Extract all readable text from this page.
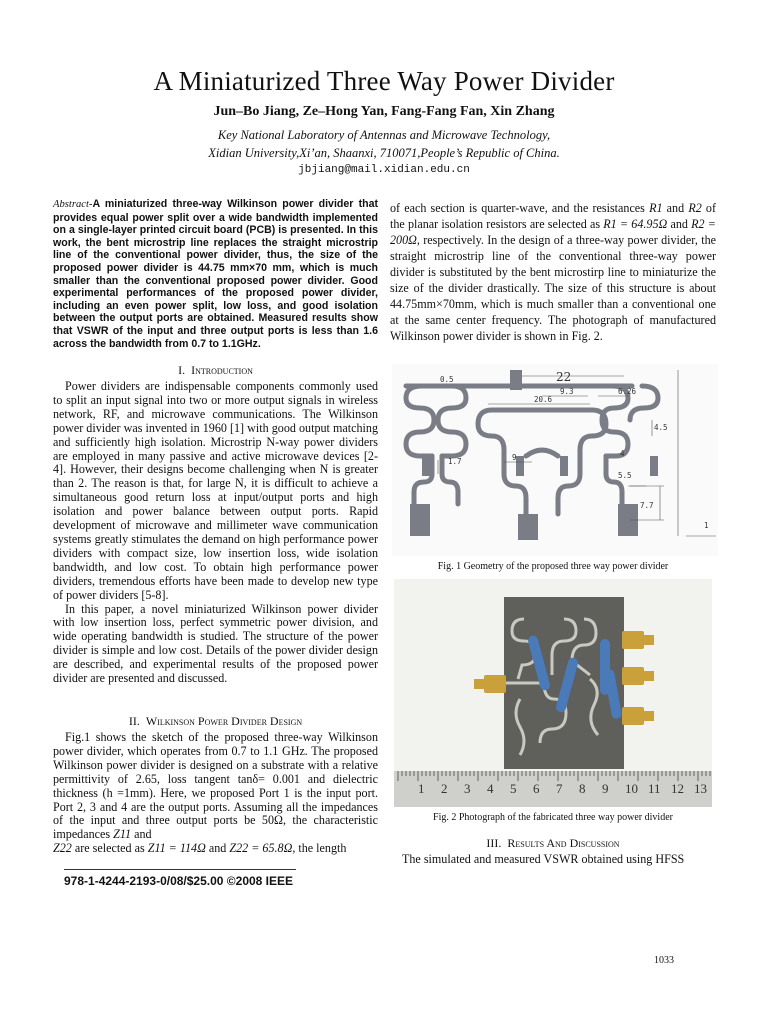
A Miniaturized Three Way Power Divider
Jun–Bo Jiang, Ze–Hong Yan, Fang-Fang Fan, Xin Zhang
Key National Laboratory of Antennas and Microwave Technology,
Xidian University,Xi’an, Shaanxi, 710071,People’s Republic of China.
jbjiang@mail.xidian.edu.cn
Abstract-A miniaturized three-way Wilkinson power divider that provides equal power split over a wide bandwidth implemented on a single-layer printed circuit board (PCB) is presented. In this work, the bent microstrip line replaces the straight microstrip line of the conventional power divider, thus, the size of the proposed power divider is 44.75 mm×70 mm, which is much smaller than the conventional proposed power divider. Good experimental performances of the proposed power divider, including an even power split, low loss, and good isolation between the output ports are obtained. Measured results show that VSWR of the input and three output ports is less than 1.6 across the bandwidth from 0.7 to 1.1GHz.
I. Introduction

Power dividers are indispensable components commonly used to split an input signal into two or more output signals in wireless network, RF, and microwave communications. The Wilkinson power divider was invented in 1960 [1] with good output matching and sufficiently high isolation. Microstrip N-way power dividers are employed in many passive and active microwave devices [2-4]. However, their designs become challenging when N is greater than 2. The reason is that, for large N, it is difficult to achieve a simultaneous good return loss at input/output ports and high isolation and power balance between output ports. Rapid development of microwave and millimeter wave communication systems greatly stimulates the demand on high performance power dividers with compact size, low insertion loss, wide isolation bandwidth, and low cost. To obtain high performance power dividers, tremendous efforts have been made to develop new type of power dividers [5-8].

In this paper, a novel miniaturized Wilkinson power divider with low insertion loss, perfect symmetric power division, and wide operating bandwidth is studied. The structure of the power divider is simple and low cost. Details of the power divider design are described, and experimental results of the proposed power divider are presented and discussed.

II. Wilkinson Power Divider Design

Fig.1 shows the sketch of the proposed three-way Wilkinson power divider, which operates from 0.7 to 1.1 GHz. The proposed Wilkinson power divider is designed on a substrate with a relative permittivity of 2.65, loss tangent tanδ= 0.001 and dielectric thickness (h =1mm). Here, we proposed Port 1 is the input port. Port 2, 3 and 4 are the output ports. Assuming all the impedances of the input and three output ports be 50Ω, the characteristic impedances Z11 and

Z22 are selected as Z11 = 114Ω and Z22 = 65.8Ω, the length

978-1-4244-2193-0/08/$25.00 ©2008 IEEE

of each section is quarter-wave, and the resistances R1 and R2 of the planar isolation resistors are selected as R1 = 64.95Ω and R2 = 200Ω, respectively. In the design of a three-way power divider, the straight microstrip line of the conventional three-way power divider is substituted by the bent microstirp line to miniaturize the size of the divider drastically. The size of this structure is about 44.75mm×70mm, which is much smaller than a conventional one at the same center frequency. The photograph of manufactured Wilkinson power divider is shown in Fig. 2.

0.5	22
9.3	6.26
20.6
4.5
1.7	9	4
5.5
7.7
1
Fig. 1 Geometry of the proposed three way power divider
1 2 3 4 5 6 7 8 9 10 11 12 13
Fig. 2 Photograph of the fabricated three way power divider
III. Results And Discussion

The simulated and measured VSWR obtained using HFSS

1033
